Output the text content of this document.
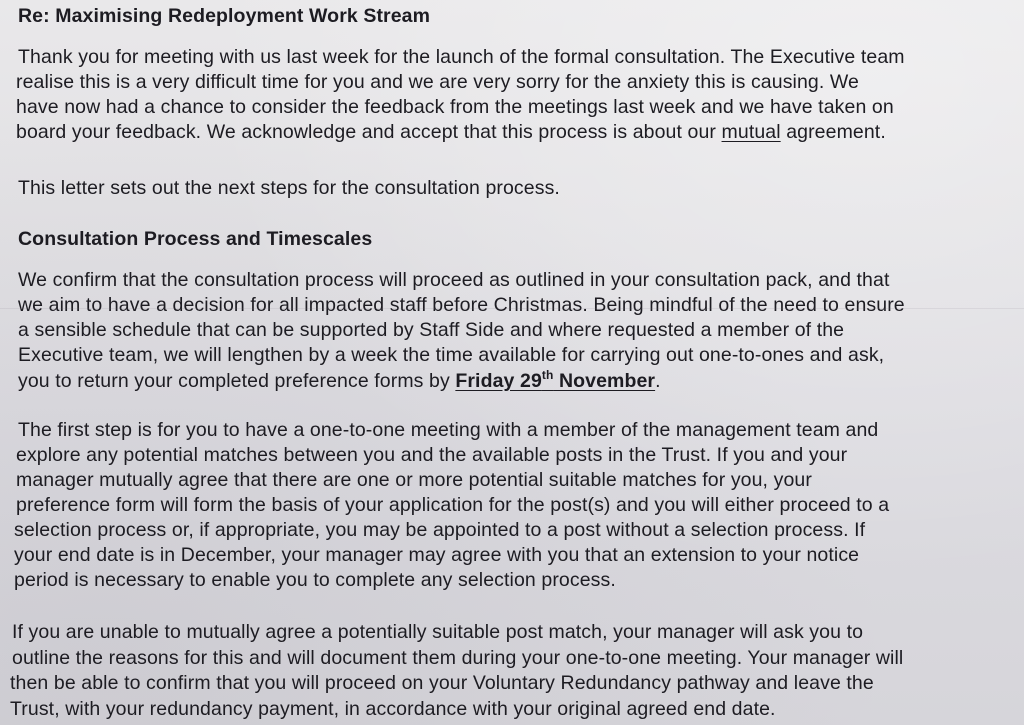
Re: Maximising Redeployment Work Stream
Thank you for meeting with us last week for the launch of the formal consultation. The Executive team
realise this is a very difficult time for you and we are very sorry for the anxiety this is causing. We
have now had a chance to consider the feedback from the meetings last week and we have taken on
board your feedback. We acknowledge and accept that this process is about our mutual agreement.
This letter sets out the next steps for the consultation process.
Consultation Process and Timescales
We confirm that the consultation process will proceed as outlined in your consultation pack, and that
we aim to have a decision for all impacted staff before Christmas. Being mindful of the need to ensure
a sensible schedule that can be supported by Staff Side and where requested a member of the
Executive team, we will lengthen by a week the time available for carrying out one-to-ones and ask,
you to return your completed preference forms by Friday 29th November.
The first step is for you to have a one-to-one meeting with a member of the management team and
explore any potential matches between you and the available posts in the Trust. If you and your
manager mutually agree that there are one or more potential suitable matches for you, your
preference form will form the basis of your application for the post(s) and you will either proceed to a
selection process or, if appropriate, you may be appointed to a post without a selection process. If
your end date is in December, your manager may agree with you that an extension to your notice
period is necessary to enable you to complete any selection process.
If you are unable to mutually agree a potentially suitable post match, your manager will ask you to
outline the reasons for this and will document them during your one-to-one meeting. Your manager will
then be able to confirm that you will proceed on your Voluntary Redundancy pathway and leave the
Trust, with your redundancy payment, in accordance with your original agreed end date.
